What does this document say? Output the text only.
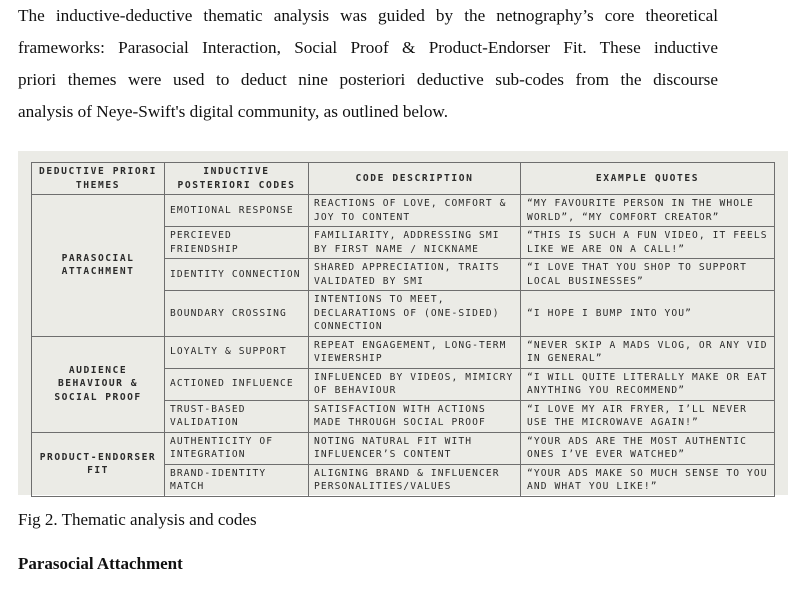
The inductive-deductive thematic analysis was guided by the netnography’s core theoretical
frameworks: Parasocial Interaction, Social Proof & Product-Endorser Fit. These inductive
priori themes were used to deduct nine posteriori deductive sub-codes from the discourse
analysis of Neye-Swift's digital community, as outlined below.

DEDUCTIVE PRIORI THEMES	INDUCTIVE POSTERIORI CODES	CODE DESCRIPTION	EXAMPLE QUOTES
PARASOCIAL ATTACHMENT	EMOTIONAL RESPONSE	REACTIONS OF LOVE, COMFORT & JOY TO CONTENT	“MY FAVOURITE PERSON IN THE WHOLE WORLD”, “MY COMFORT CREATOR”
	PERCIEVED FRIENDSHIP	FAMILIARITY, ADDRESSING SMI BY FIRST NAME / NICKNAME	“THIS IS SUCH A FUN VIDEO, IT FEELS LIKE WE ARE ON A CALL!”
	IDENTITY CONNECTION	SHARED APPRECIATION, TRAITS VALIDATED BY SMI	“I LOVE THAT YOU SHOP TO SUPPORT LOCAL BUSINESSES”
	BOUNDARY CROSSING	INTENTIONS TO MEET, DECLARATIONS OF (ONE-SIDED) CONNECTION	“I HOPE I BUMP INTO YOU”
AUDIENCE BEHAVIOUR & SOCIAL PROOF	LOYALTY & SUPPORT	REPEAT ENGAGEMENT, LONG-TERM VIEWERSHIP	“NEVER SKIP A MADS VLOG, OR ANY VID IN GENERAL”
	ACTIONED INFLUENCE	INFLUENCED BY VIDEOS, MIMICRY OF BEHAVIOUR	“I WILL QUITE LITERALLY MAKE OR EAT ANYTHING YOU RECOMMEND”
	TRUST-BASED VALIDATION	SATISFACTION WITH ACTIONS MADE THROUGH SOCIAL PROOF	“I LOVE MY AIR FRYER, I’LL NEVER USE THE MICROWAVE AGAIN!”
PRODUCT-ENDORSER FIT	AUTHENTICITY OF INTEGRATION	NOTING NATURAL FIT WITH INFLUENCER’S CONTENT	“YOUR ADS ARE THE MOST AUTHENTIC ONES I’VE EVER WATCHED”
	BRAND-IDENTITY MATCH	ALIGNING BRAND & INFLUENCER PERSONALITIES/VALUES	“YOUR ADS MAKE SO MUCH SENSE TO YOU AND WHAT YOU LIKE!”

Fig 2. Thematic analysis and codes

Parasocial Attachment
